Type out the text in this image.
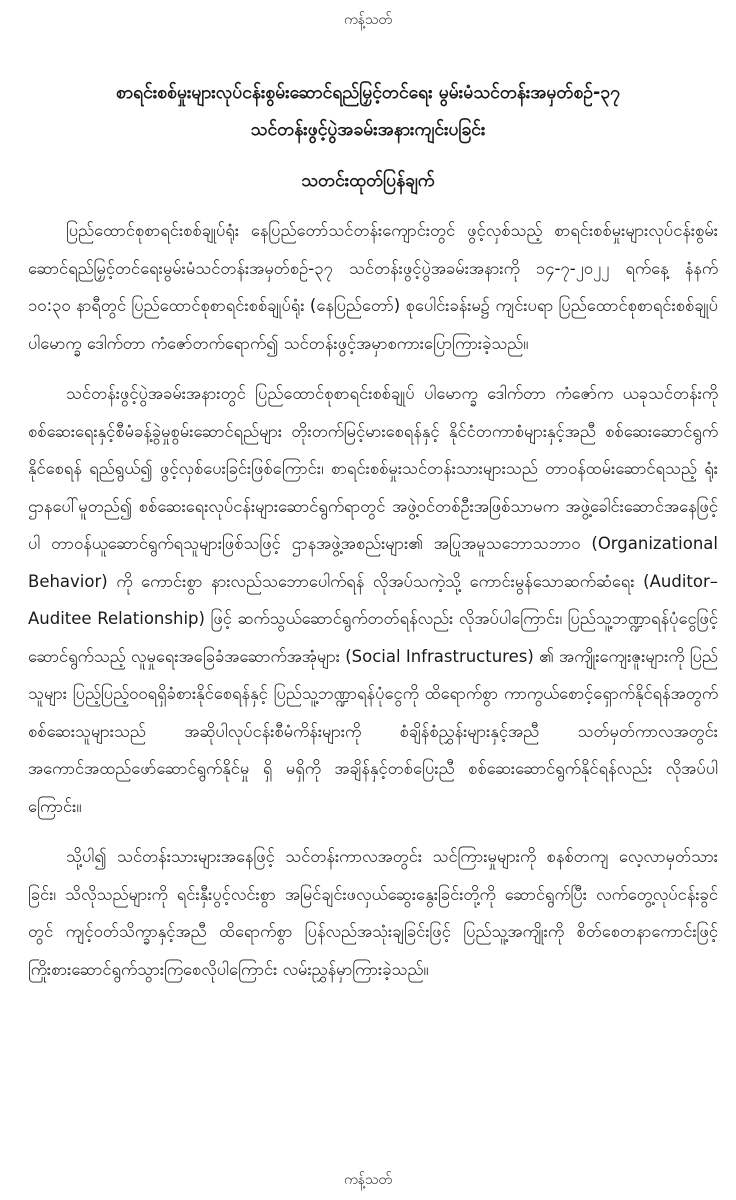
ကန့်သတ်
စာရင်းစစ်မှုးများလုပ်ငန်းစွမ်းဆောင်ရည်မြှင့်တင်ရေး မွမ်းမံသင်တန်းအမှတ်စဉ်-၃၇
သင်တန်းဖွင့်ပွဲအခမ်းအနားကျင်းပခြင်း
သတင်းထုတ်ပြန်ချက်

ပြည်ထောင်စုစာရင်းစစ်ချုပ်ရုံး နေပြည်တော်သင်တန်းကျောင်းတွင် ဖွင့်လှစ်သည့် စာရင်းစစ်မှုးများလုပ်ငန်းစွမ်းဆောင်ရည်မြှင့်တင်ရေးမွမ်းမံသင်တန်းအမှတ်စဉ်-၃၇ သင်တန်းဖွင့်ပွဲအခမ်းအနားကို ၁၄-၇-၂၀၂၂ ရက်နေ့ နံနက် ၁၀:၃၀ နာရီတွင် ပြည်ထောင်စုစာရင်းစစ်ချုပ်ရုံး (နေပြည်တော်) စုပေါင်းခန်းမ၌ ကျင်းပရာ ပြည်ထောင်စုစာရင်းစစ်ချုပ် ပါမောက္ခ ဒေါက်တာ ကံဇော်တက်ရောက်၍ သင်တန်းဖွင့်အမှာစကားပြောကြားခဲ့သည်။

သင်တန်းဖွင့်ပွဲအခမ်းအနားတွင် ပြည်ထောင်စုစာရင်းစစ်ချုပ် ပါမောက္ခ ဒေါက်တာ ကံဇော်က ယခုသင်တန်းကို စစ်ဆေးရေးနှင့်စီမံခန့်ခွဲမှုစွမ်းဆောင်ရည်များ တိုးတက်မြင့်မားစေရန်နှင့် နိုင်ငံတကာစံများနှင့်အညီ စစ်ဆေးဆောင်ရွက်နိုင်စေရန် ရည်ရွယ်၍ ဖွင့်လှစ်ပေးခြင်းဖြစ်ကြောင်း၊ စာရင်းစစ်မှုးသင်တန်းသားများသည် တာဝန်ထမ်းဆောင်ရသည့် ရုံးဌာနပေါ်မူတည်၍ စစ်ဆေးရေးလုပ်ငန်းများဆောင်ရွက်ရာတွင် အဖွဲ့ဝင်တစ်ဦးအဖြစ်သာမက အဖွဲ့ခေါင်းဆောင်အနေဖြင့်ပါ တာဝန်ယူဆောင်ရွက်ရသူများဖြစ်သဖြင့် ဌာနအဖွဲ့အစည်းများ၏ အပြုအမူသဘောသဘာဝ (Organizational Behavior) ကို ကောင်းစွာ နားလည်သဘောပေါက်ရန် လိုအပ်သကဲ့သို့ ကောင်းမွန်သောဆက်ဆံရေး (Auditor–Auditee Relationship) ဖြင့် ဆက်သွယ်ဆောင်ရွက်တတ်ရန်လည်း လိုအပ်ပါကြောင်း၊ ပြည်သူ့ဘဏ္ဍာရန်ပုံငွေဖြင့် ဆောင်ရွက်သည့် လူမှုရေးအခြေခံအဆောက်အအုံများ (Social Infrastructures) ၏ အကျိုးကျေးဇူးများကို ပြည်သူများ ပြည့်ပြည့်ဝဝရရှိခံစားနိုင်စေရန်နှင့် ပြည်သူ့ဘဏ္ဍာရန်ပုံငွေကို ထိရောက်စွာ ကာကွယ်စောင့်ရှောက်နိုင်ရန်အတွက် စစ်ဆေးသူများသည် အဆိုပါလုပ်ငန်းစီမံကိန်းများကို စံချိန်စံညွှန်းများနှင့်အညီ သတ်မှတ်ကာလအတွင်း အကောင်အထည်ဖော်ဆောင်ရွက်နိုင်မှု ရှိ မရှိကို အချိန်နှင့်တစ်ပြေးညီ စစ်ဆေးဆောင်ရွက်နိုင်ရန်လည်း လိုအပ်ပါကြောင်း။

သို့ပါ၍ သင်တန်းသားများအနေဖြင့် သင်တန်းကာလအတွင်း သင်ကြားမှုများကို စနစ်တကျ လေ့လာမှတ်သားခြင်း၊ သိလိုသည်များကို ရင်းနှီးပွင့်လင်းစွာ အမြင်ချင်းဖလှယ်ဆွေးနွေးခြင်းတို့ကို ဆောင်ရွက်ပြီး လက်တွေ့လုပ်ငန်းခွင်တွင် ကျင့်ဝတ်သိက္ခာနှင့်အညီ ထိရောက်စွာ ပြန်လည်အသုံးချခြင်းဖြင့် ပြည်သူ့အကျိုးကို စိတ်စေတနာကောင်းဖြင့် ကြိုးစားဆောင်ရွက်သွားကြစေလိုပါကြောင်း လမ်းညွှန်မှာကြားခဲ့သည်။

ကန့်သတ်
